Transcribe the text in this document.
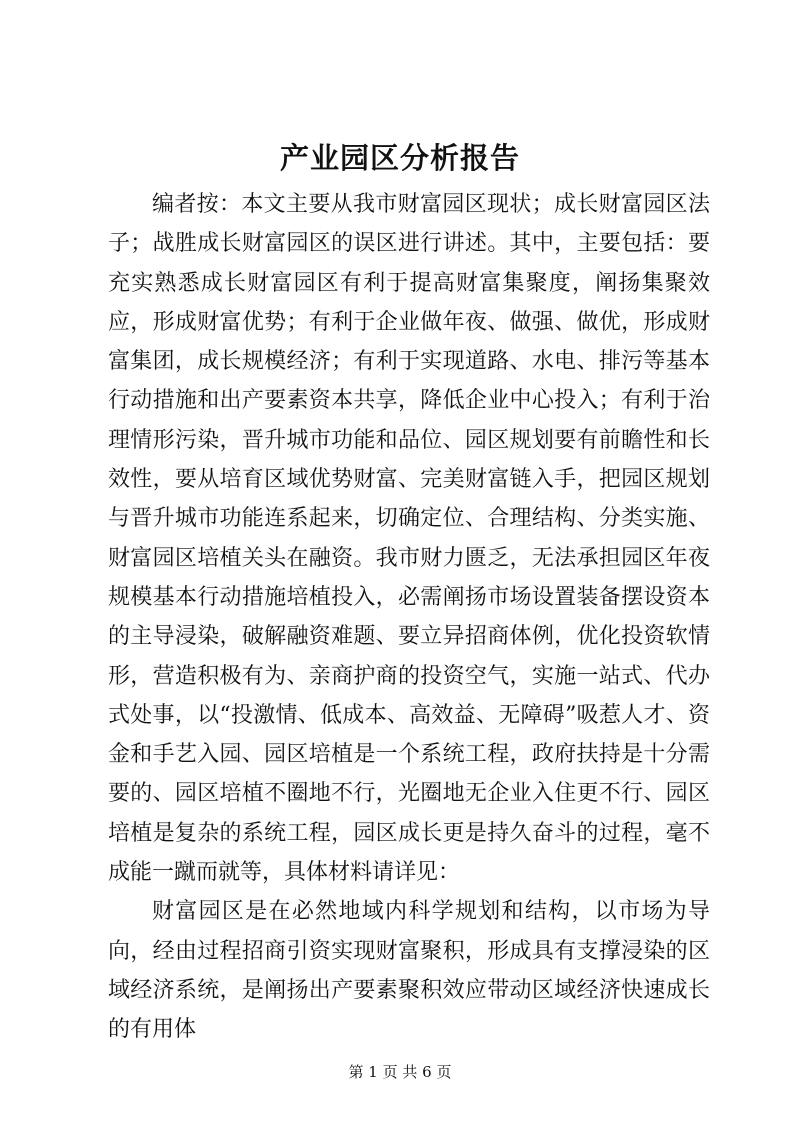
产业园区分析报告

编者按：本文主要从我市财富园区现状；成长财富园区法子；战胜成长财富园区的误区进行讲述。其中，主要包括：要充实熟悉成长财富园区有利于提高财富集聚度，阐扬集聚效应，形成财富优势；有利于企业做年夜、做强、做优，形成财富集团，成长规模经济；有利于实现道路、水电、排污等基本行动措施和出产要素资本共享，降低企业中心投入；有利于治理情形污染，晋升城市功能和品位、园区规划要有前瞻性和长效性，要从培育区域优势财富、完美财富链入手，把园区规划与晋升城市功能连系起来，切确定位、合理结构、分类实施、财富园区培植关头在融资。我市财力匮乏，无法承担园区年夜规模基本行动措施培植投入，必需阐扬市场设置装备摆设资本的主导浸染，破解融资难题、要立异招商体例，优化投资软情形，营造积极有为、亲商护商的投资空气，实施一站式、代办式处事，以“投激情、低成本、高效益、无障碍”吸惹人才、资金和手艺入园、园区培植是一个系统工程，政府扶持是十分需要的、园区培植不圈地不行，光圈地无企业入住更不行、园区培植是复杂的系统工程，园区成长更是持久奋斗的过程，毫不成能一蹴而就等，具体材料请详见：

财富园区是在必然地域内科学规划和结构，以市场为导向，经由过程招商引资实现财富聚积，形成具有支撑浸染的区域经济系统，是阐扬出产要素聚积效应带动区域经济快速成长的有用体

第 1 页 共 6 页
